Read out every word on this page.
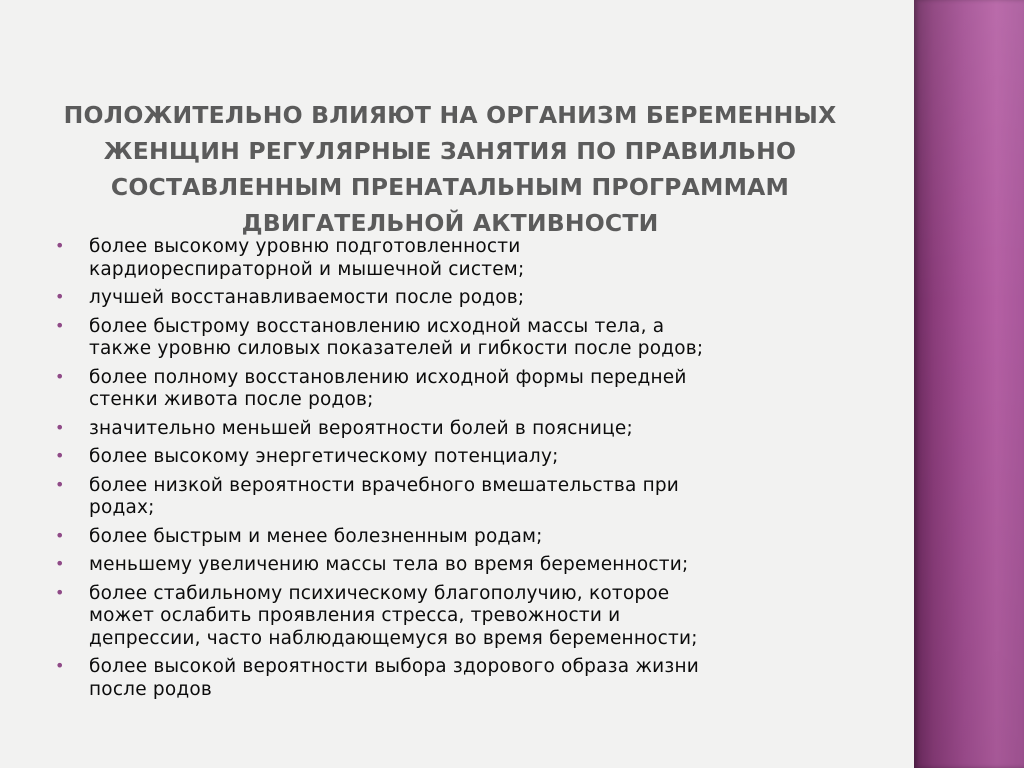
ПОЛОЖИТЕЛЬНО ВЛИЯЮТ НА ОРГАНИЗМ БЕРЕМЕННЫХ
ЖЕНЩИН РЕГУЛЯРНЫЕ ЗАНЯТИЯ ПО ПРАВИЛЬНО
СОСТАВЛЕННЫМ ПРЕНАТАЛЬНЫМ ПРОГРАММАМ
ДВИГАТЕЛЬНОЙ АКТИВНОСТИ
• более высокому уровню подготовленности
кардиореспираторной и мышечной систем;
• лучшей восстанавливаемости после родов;
• более быстрому восстановлению исходной массы тела, а
также уровню силовых показателей и гибкости после родов;
• более полному восстановлению исходной формы передней
стенки живота после родов;
• значительно меньшей вероятности болей в пояснице;
• более высокому энергетическому потенциалу;
• более низкой вероятности врачебного вмешательства при
родах;
• более быстрым и менее болезненным родам;
• меньшему увеличению массы тела во время беременности;
• более стабильному психическому благополучию, которое
может ослабить проявления стресса, тревожности и
депрессии, часто наблюдающемуся во время беременности;
• более высокой вероятности выбора здорового образа жизни
после родов
